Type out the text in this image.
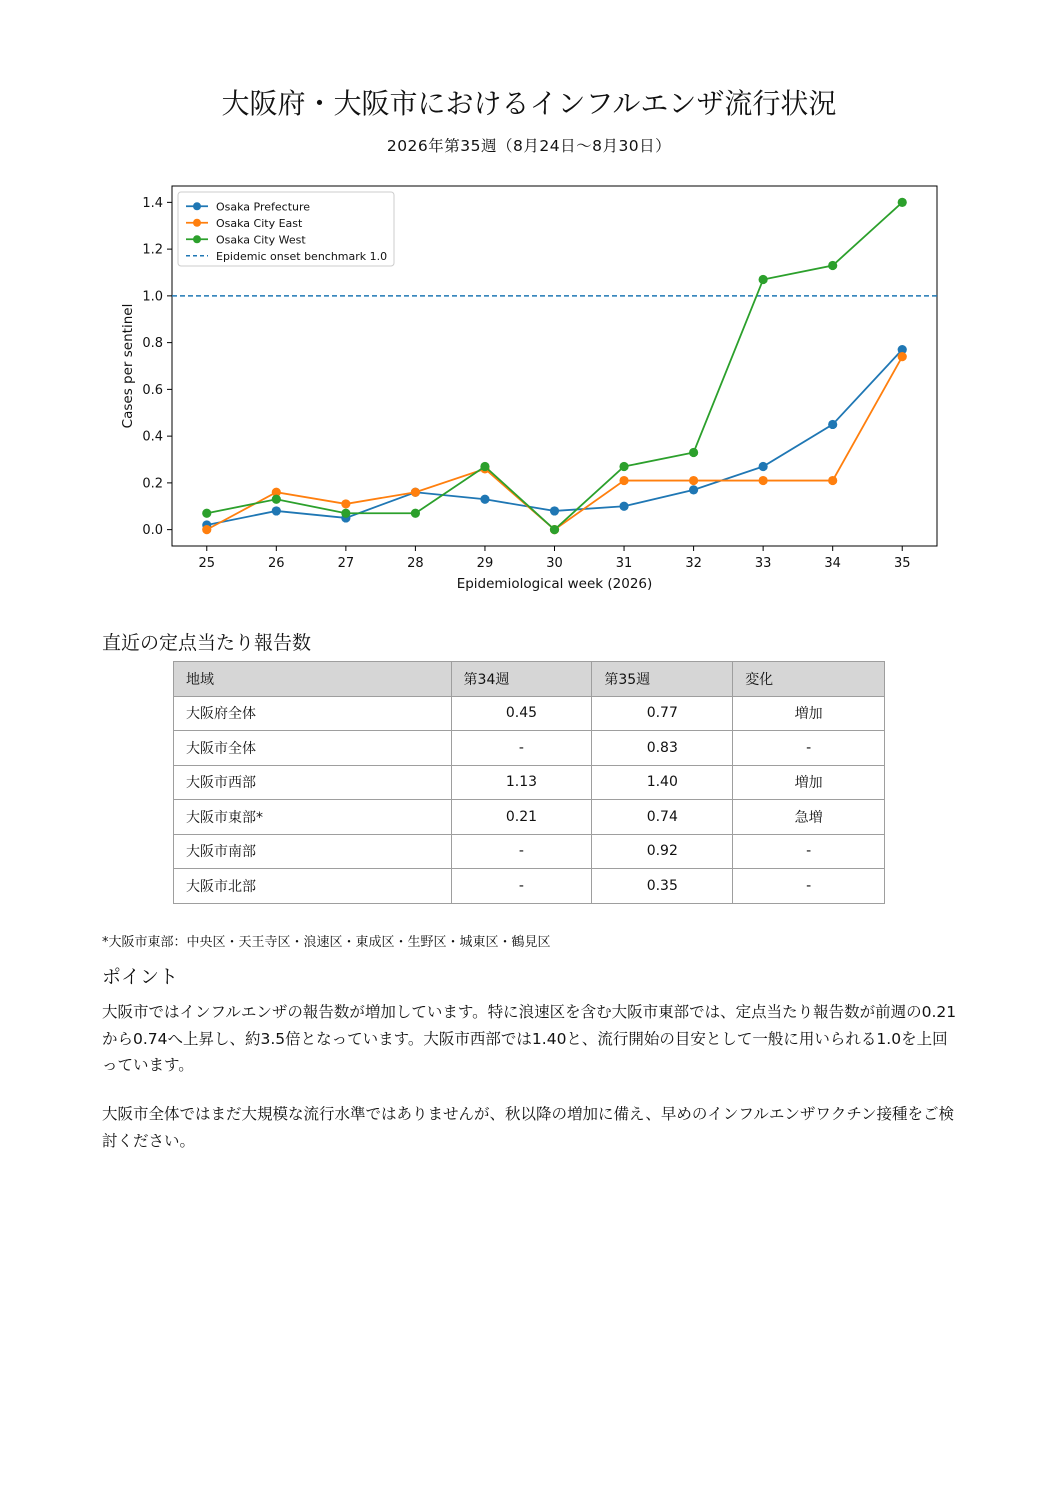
大阪府・大阪市におけるインフルエンザ流行状況
2026年第35週（8月24日～8月30日）
25	26	27	28	29	30	31	32	33	34	35
0.0
0.2
0.4
0.6
0.8
1.0
1.2
1.4
Epidemiological week (2026)
Cases per sentinel
Osaka Prefecture
Osaka City East
Osaka City West
Epidemic onset benchmark 1.0
直近の定点当たり報告数
地域	第34週	第35週	変化
大阪府全体	0.45	0.77	増加
大阪市全体	-	0.83	-
大阪市西部	1.13	1.40	増加
大阪市東部*	0.21	0.74	急増
大阪市南部	-	0.92	-
大阪市北部	-	0.35	-
*大阪市東部：中央区・天王寺区・浪速区・東成区・生野区・城東区・鶴見区
ポイント

大阪市ではインフルエンザの報告数が増加しています。特に浪速区を含む大阪市東部では、定点当たり報告数が前週の0.21から0.74へ上昇し、約3.5倍となっています。大阪市西部では1.40と、流行開始の目安として一般に用いられる1.0を上回っています。

大阪市全体ではまだ大規模な流行水準ではありませんが、秋以降の増加に備え、早めのインフルエンザワクチン接種をご検討ください。
